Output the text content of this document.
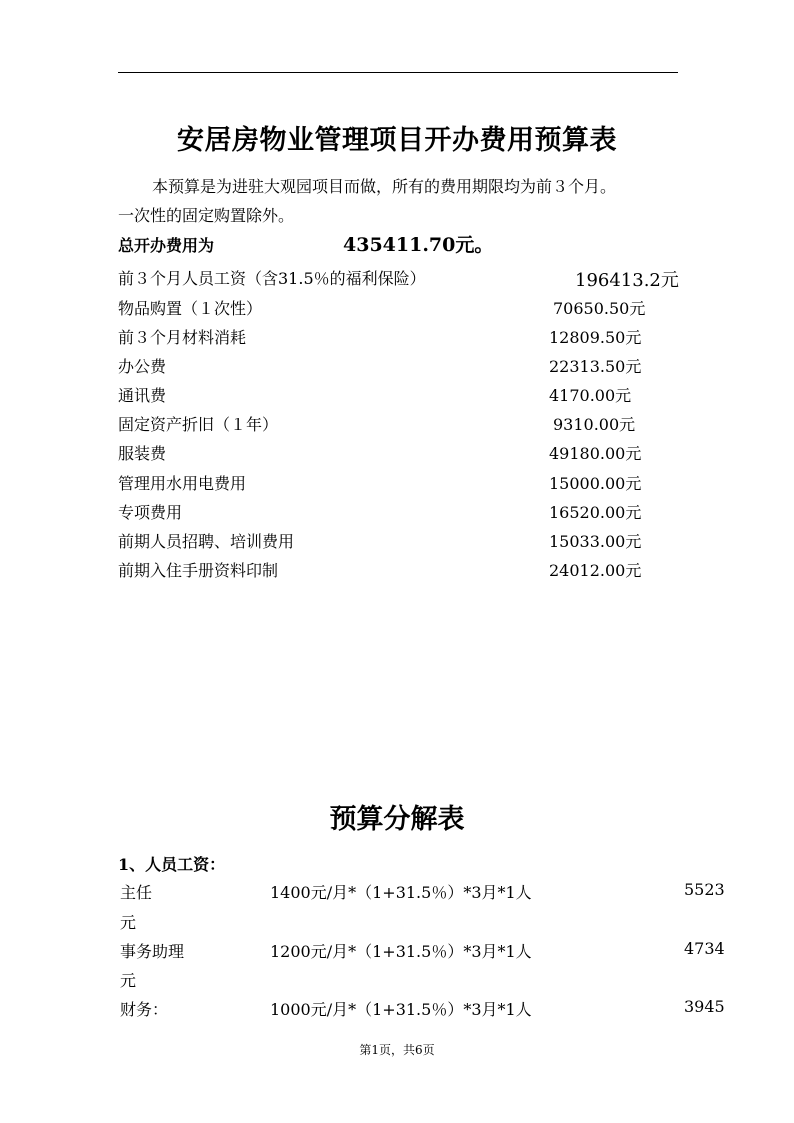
安居房物业管理项目开办费用预算表
本预算是为进驻大观园项目而做，所有的费用期限均为前３个月。
一次性的固定购置除外。
总开办费用为	435411.70元。
前３个月人员工资（含31.5％的福利保险）	196413.2元
物品购置（１次性）	70650.50元
前３个月材料消耗	12809.50元
办公费	22313.50元
通讯费	4170.00元
固定资产折旧（１年）	9310.00元
服装费	49180.00元
管理用水用电费用	15000.00元
专项费用	16520.00元
前期人员招聘、培训费用	15033.00元
前期入住手册资料印制	24012.00元
预算分解表
1、人员工资：
主任	1400元/月*（1+31.5％）*3月*1人	5523
元
事务助理	1200元/月*（1+31.5％）*3月*1人	4734
元
财务：	1000元/月*（1+31.5％）*3月*1人	3945
第1页，共6页
